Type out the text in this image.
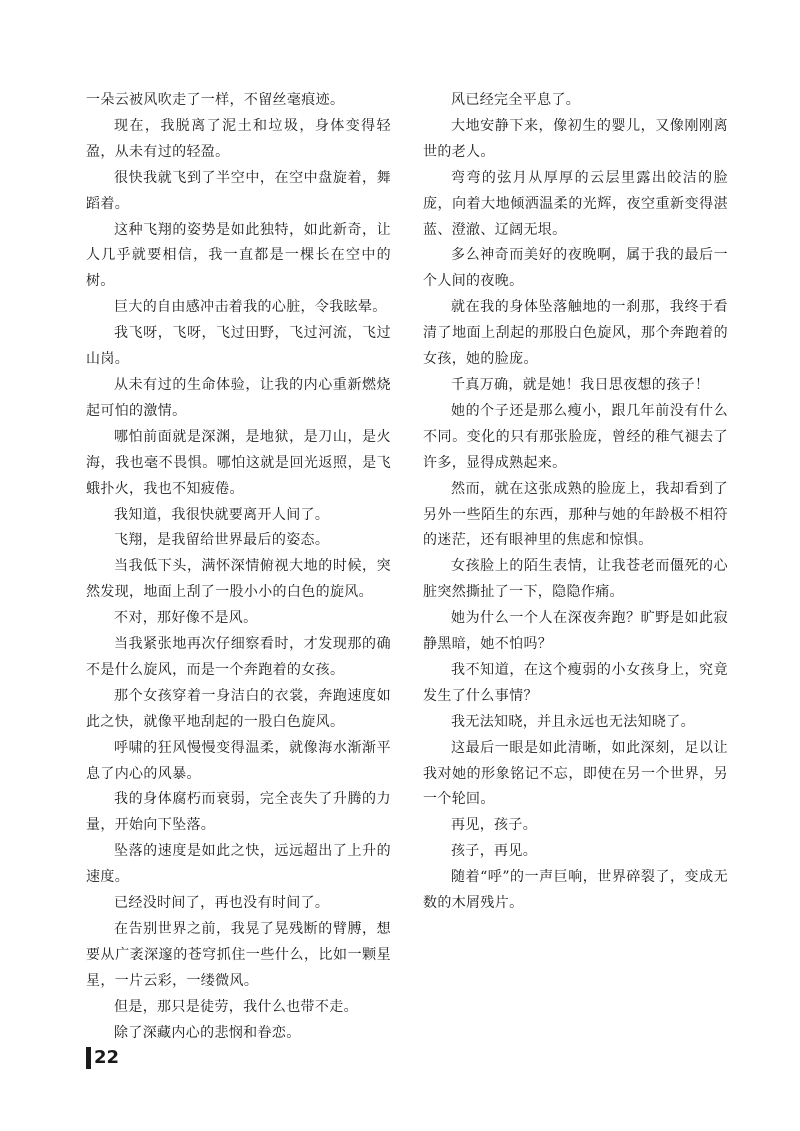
一朵云被风吹走了一样，不留丝毫痕迹。

现在，我脱离了泥土和垃圾，身体变得轻盈，从未有过的轻盈。

很快我就飞到了半空中，在空中盘旋着，舞蹈着。

这种飞翔的姿势是如此独特，如此新奇，让人几乎就要相信，我一直都是一棵长在空中的树。

巨大的自由感冲击着我的心脏，令我眩晕。

我飞呀，飞呀，飞过田野，飞过河流，飞过山岗。

从未有过的生命体验，让我的内心重新燃烧起可怕的激情。

哪怕前面就是深渊，是地狱，是刀山，是火海，我也毫不畏惧。哪怕这就是回光返照，是飞蛾扑火，我也不知疲倦。

我知道，我很快就要离开人间了。

飞翔，是我留给世界最后的姿态。

当我低下头，满怀深情俯视大地的时候，突然发现，地面上刮了一股小小的白色的旋风。

不对，那好像不是风。

当我紧张地再次仔细察看时，才发现那的确不是什么旋风，而是一个奔跑着的女孩。

那个女孩穿着一身洁白的衣裳，奔跑速度如此之快，就像平地刮起的一股白色旋风。

呼啸的狂风慢慢变得温柔，就像海水渐渐平息了内心的风暴。

我的身体腐朽而衰弱，完全丧失了升腾的力量，开始向下坠落。

坠落的速度是如此之快，远远超出了上升的速度。

已经没时间了，再也没有时间了。

在告别世界之前，我晃了晃残断的臂膊，想要从广袤深邃的苍穹抓住一些什么，比如一颗星星，一片云彩，一缕微风。

但是，那只是徒劳，我什么也带不走。

除了深藏内心的悲悯和眷恋。

风已经完全平息了。

大地安静下来，像初生的婴儿，又像刚刚离世的老人。

弯弯的弦月从厚厚的云层里露出皎洁的脸庞，向着大地倾洒温柔的光辉，夜空重新变得湛蓝、澄澈、辽阔无垠。

多么神奇而美好的夜晚啊，属于我的最后一个人间的夜晚。

就在我的身体坠落触地的一刹那，我终于看清了地面上刮起的那股白色旋风，那个奔跑着的女孩，她的脸庞。

千真万确，就是她！我日思夜想的孩子！

她的个子还是那么瘦小，跟几年前没有什么不同。变化的只有那张脸庞，曾经的稚气褪去了许多，显得成熟起来。

然而，就在这张成熟的脸庞上，我却看到了另外一些陌生的东西，那种与她的年龄极不相符的迷茫，还有眼神里的焦虑和惊惧。

女孩脸上的陌生表情，让我苍老而僵死的心脏突然撕扯了一下，隐隐作痛。

她为什么一个人在深夜奔跑？旷野是如此寂静黑暗，她不怕吗？

我不知道，在这个瘦弱的小女孩身上，究竟发生了什么事情？

我无法知晓，并且永远也无法知晓了。

这最后一眼是如此清晰，如此深刻，足以让我对她的形象铭记不忘，即使在另一个世界，另一个轮回。

再见，孩子。

孩子，再见。

随着“呼”的一声巨响，世界碎裂了，变成无数的木屑残片。

22
